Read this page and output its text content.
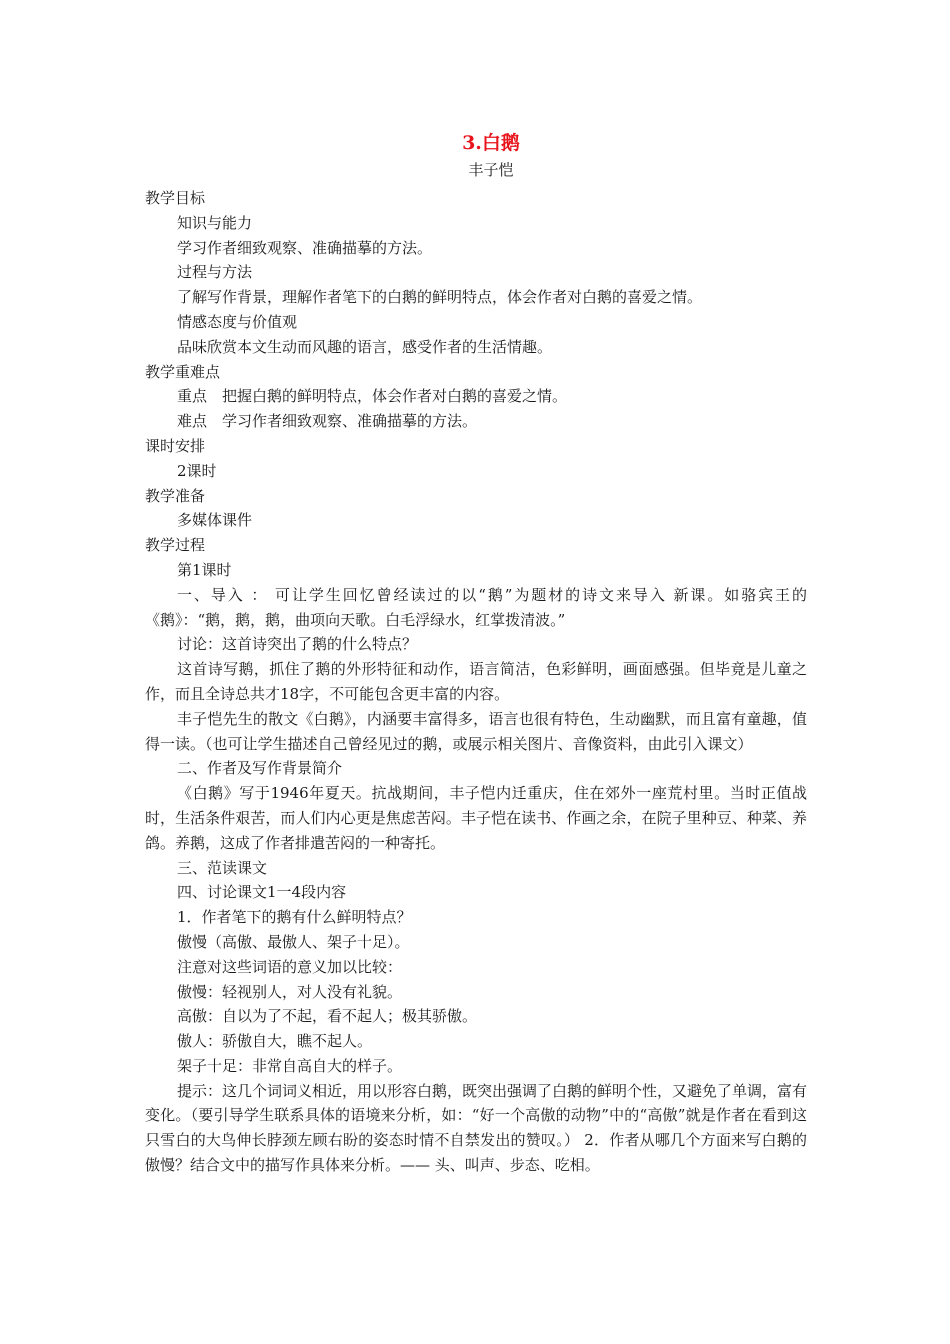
3.白鹅

丰子恺

教学目标

知识与能力

学习作者细致观察、准确描摹的方法。

过程与方法

了解写作背景，理解作者笔下的白鹅的鲜明特点，体会作者对白鹅的喜爱之情。

情感态度与价值观

品味欣赏本文生动而风趣的语言，感受作者的生活情趣。

教学重难点

重点　把握白鹅的鲜明特点，体会作者对白鹅的喜爱之情。

难点　学习作者细致观察、准确描摹的方法。

课时安排

2课时

教学准备

多媒体课件

教学过程

第1课时

一、导入 ： 可让学生回忆曾经读过的以“鹅”为题材的诗文来导入 新课。如骆宾王的《鹅》：“鹅，鹅，鹅，曲项向天歌。白毛浮绿水，红掌拨清波。”

讨论：这首诗突出了鹅的什么特点？

这首诗写鹅，抓住了鹅的外形特征和动作，语言简洁，色彩鲜明，画面感强。但毕竟是儿童之作，而且全诗总共才18字，不可能包含更丰富的内容。

丰子恺先生的散文《白鹅》，内涵要丰富得多，语言也很有特色，生动幽默，而且富有童趣，值得一读。（也可让学生描述自己曾经见过的鹅，或展示相关图片、音像资料，由此引入课文）

二、作者及写作背景简介

《白鹅》写于1946年夏天。抗战期间，丰子恺内迁重庆，住在郊外一座荒村里。当时正值战时，生活条件艰苦，而人们内心更是焦虑苦闷。丰子恺在读书、作画之余，在院子里种豆、种菜、养鸽。养鹅，这成了作者排遣苦闷的一种寄托。

三、范读课文

四、讨论课文1一4段内容

1．作者笔下的鹅有什么鲜明特点？

傲慢（高傲、最傲人、架子十足）。

注意对这些词语的意义加以比较：

傲慢：轻视别人，对人没有礼貌。

高傲：自以为了不起，看不起人；极其骄傲。

傲人：骄傲自大，瞧不起人。

架子十足：非常自高自大的样子。

提示：这几个词词义相近，用以形容白鹅，既突出强调了白鹅的鲜明个性，又避免了单调，富有变化。（要引导学生联系具体的语境来分析，如：“好一个高傲的动物”中的“高傲”就是作者在看到这只雪白的大鸟伸长脖颈左顾右盼的姿态时情不自禁发出的赞叹。） 2．作者从哪几个方面来写白鹅的傲慢？结合文中的描写作具体来分析。—— 头、叫声、步态、吃相。
